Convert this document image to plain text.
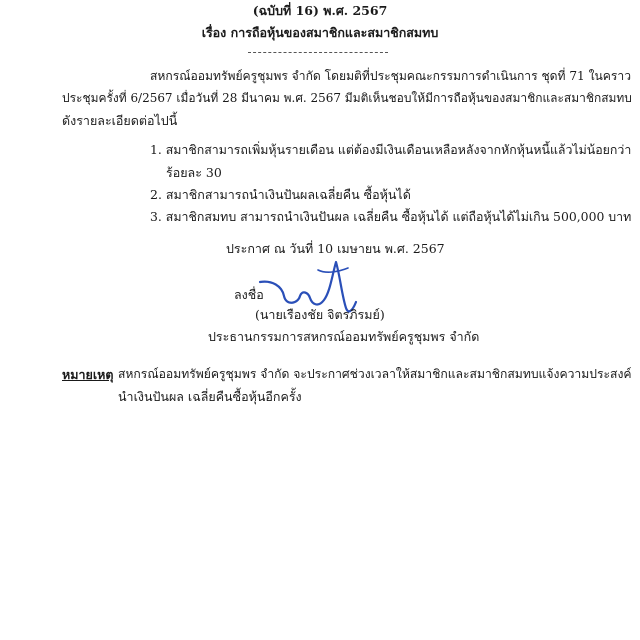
(ฉบับที่ 16) พ.ศ. 2567
เรื่อง การถือหุ้นของสมาชิกและสมาชิกสมทบ
สหกรณ์ออมทรัพย์ครูชุมพร จำกัด โดยมติที่ประชุมคณะกรรมการดำเนินการ ชุดที่ 71 ในคราว
ประชุมครั้งที่ 6/2567 เมื่อวันที่ 28 มีนาคม พ.ศ. 2567 มีมติเห็นชอบให้มีการถือหุ้นของสมาชิกและสมาชิกสมทบ
ดังรายละเอียดต่อไปนี้
1. สมาชิกสามารถเพิ่มหุ้นรายเดือน แต่ต้องมีเงินเดือนเหลือหลังจากหักหุ้นหนี้แล้วไม่น้อยกว่า
ร้อยละ 30
2. สมาชิกสามารถนำเงินปันผลเฉลี่ยคืน ซื้อหุ้นได้
3. สมาชิกสมทบ สามารถนำเงินปันผล เฉลี่ยคืน ซื้อหุ้นได้ แต่ถือหุ้นได้ไม่เกิน 500,000 บาท
ประกาศ ณ วันที่ 10 เมษายน พ.ศ. 2567
ลงชื่อ
(นายเรืองชัย จิตรภิรมย์)
ประธานกรรมการสหกรณ์ออมทรัพย์ครูชุมพร จำกัด
หมายเหตุ สหกรณ์ออมทรัพย์ครูชุมพร จำกัด จะประกาศช่วงเวลาให้สมาชิกและสมาชิกสมทบแจ้งความประสงค์
นำเงินปันผล เฉลี่ยคืนซื้อหุ้นอีกครั้ง
